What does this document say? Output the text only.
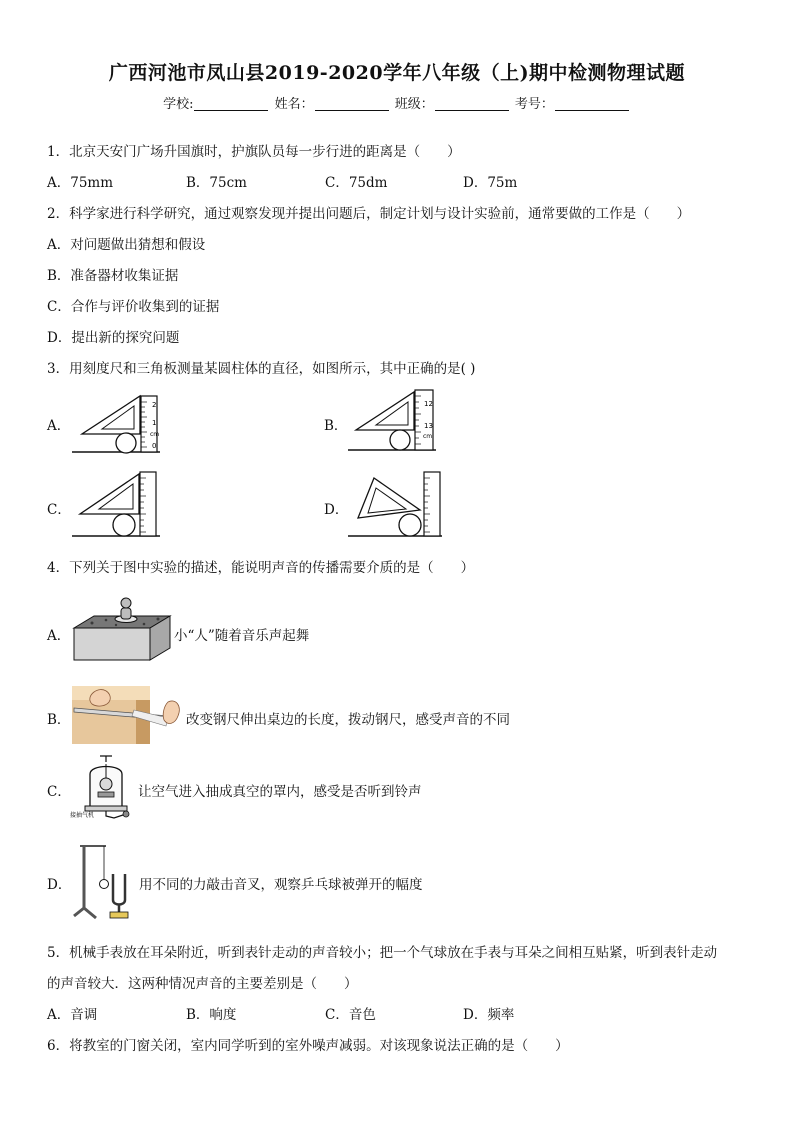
广西河池市凤山县2019-2020学年八年级（上)期中检测物理试题
学校:	姓名：	班级：	考号：
1．北京天安门广场升国旗时，护旗队员每一步行进的距离是（　　）
A．75mm	B．75cm	C．75dm	D．75m
2．科学家进行科学研究，通过观察发现并提出问题后，制定计划与设计实验前，通常要做的工作是（　　）
A．对问题做出猜想和假设
B．准备器材收集证据
C．合作与评价收集到的证据
D．提出新的探究问题
3．用刻度尺和三角板测量某圆柱体的直径，如图所示，其中正确的是( )
A．
2
1
cm
0
B．
12
13
cm
C．	D．
4．下列关于图中实验的描述，能说明声音的传播需要介质的是（　　）
A．	小“人”随着音乐声起舞
B．	改变钢尺伸出桌边的长度，拨动钢尺，感受声音的不同
C．
接抽气机
让空气进入抽成真空的罩内，感受是否听到铃声
D．	用不同的力敲击音叉，观察乒乓球被弹开的幅度
5．机械手表放在耳朵附近，听到表针走动的声音较小；把一个气球放在手表与耳朵之间相互贴紧，听到表针走动
的声音较大．这两种情况声音的主要差别是（　　）
A．音调	B．响度	C．音色	D．频率
6．将教室的门窗关闭，室内同学听到的室外噪声减弱。对该现象说法正确的是（　　）
